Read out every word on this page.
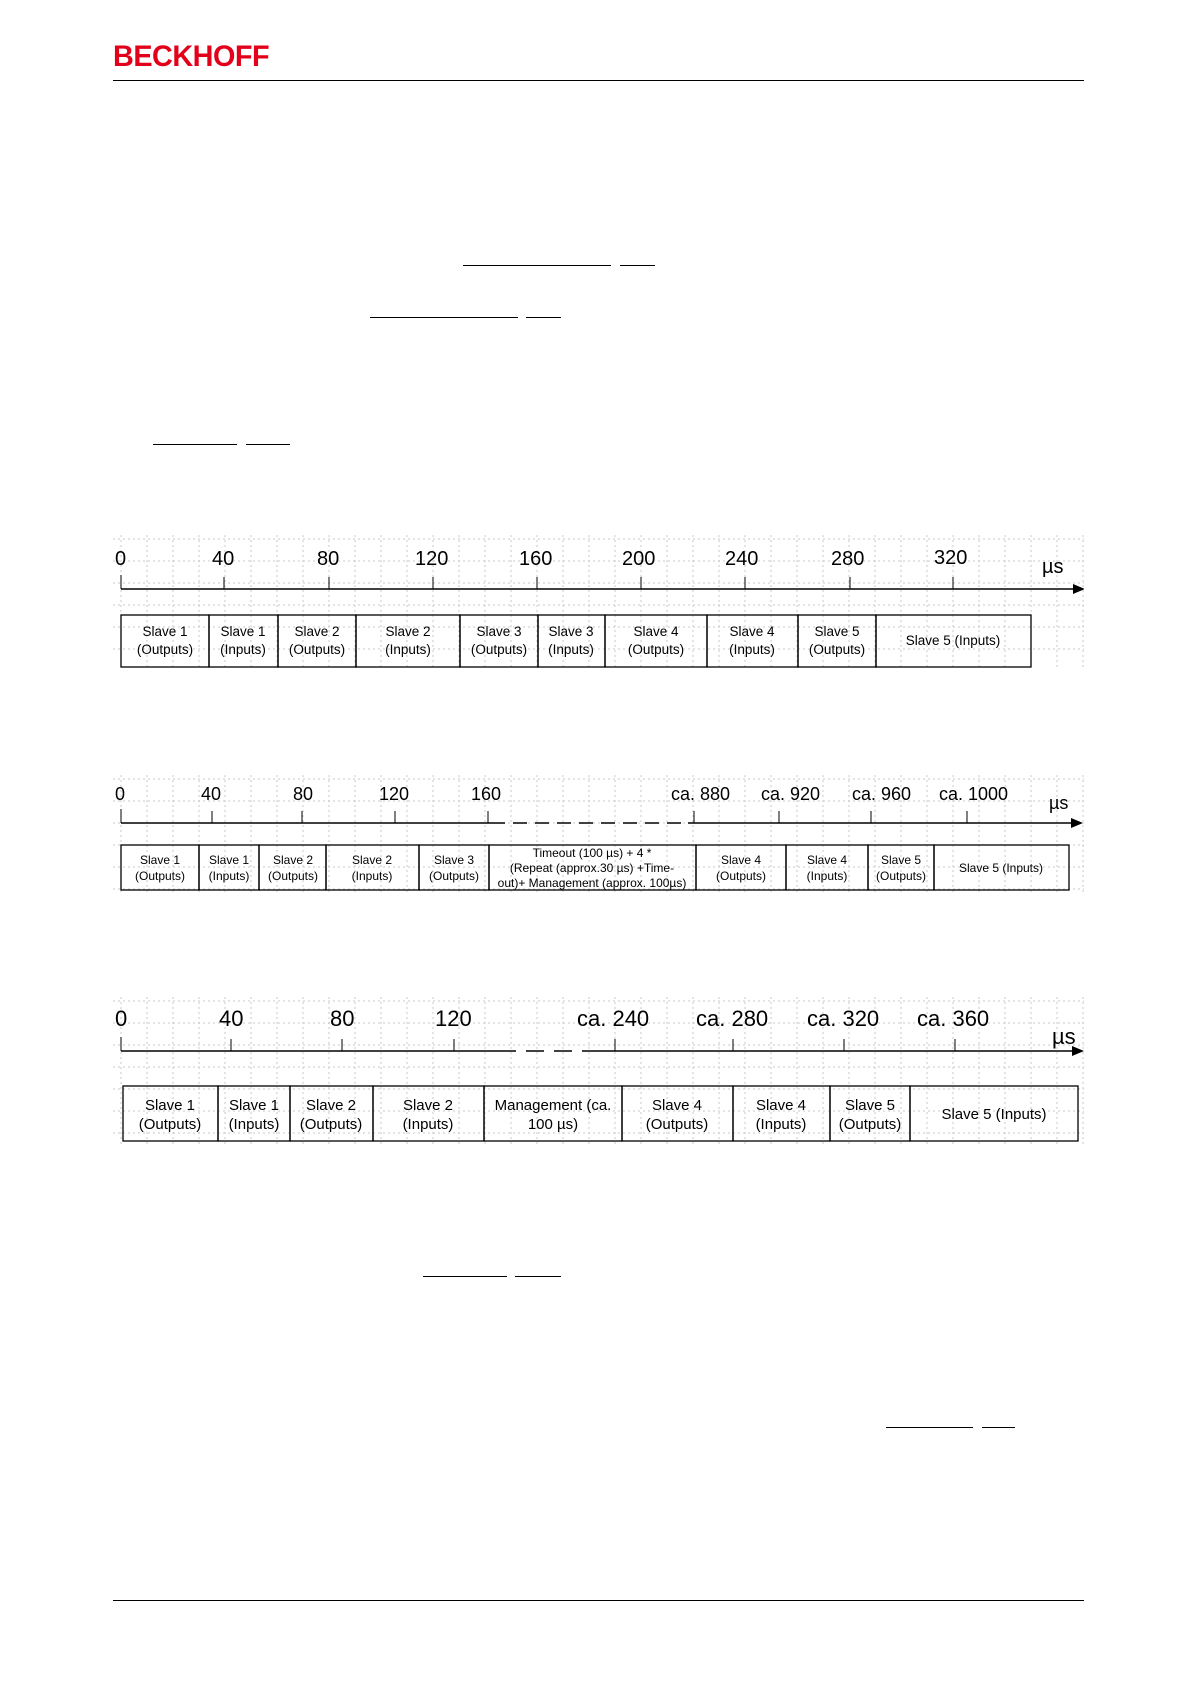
BECKHOFF
0	40	80	120	160	200	240	280	320	µs
Slave 1
(Outputs)
Slave 1
(Inputs)
Slave 2
(Outputs)
Slave 2
(Inputs)
Slave 3
(Outputs)
Slave 3
(Inputs)
Slave 4
(Outputs)
Slave 4
(Inputs)
Slave 5
(Outputs)
Slave 5 (Inputs)
0	40	80	120	160	ca. 880 ca. 920 ca. 960 ca. 1000 µs
Slave 1
(Outputs)
Slave 1
(Inputs)
Slave 2
(Outputs)
Slave 2
(Inputs)
Slave 3
(Outputs)
Timeout (100 µs) + 4 *
(Repeat (approx.30 µs) +Time-
out)+ Management (approx. 100µs)
Slave 4
(Outputs)
Slave 4
(Inputs)
Slave 5
(Outputs)
Slave 5 (Inputs)
0	40	80	120	ca. 240 ca. 280 ca. 320 ca. 360
µs
Slave 1
(Outputs)
Slave 1
(Inputs)
Slave 2
(Outputs)
Slave 2
(Inputs)
Management (ca.
100 µs)
Slave 4
(Outputs)
Slave 4
(Inputs)
Slave 5
(Outputs)
Slave 5 (Inputs)
